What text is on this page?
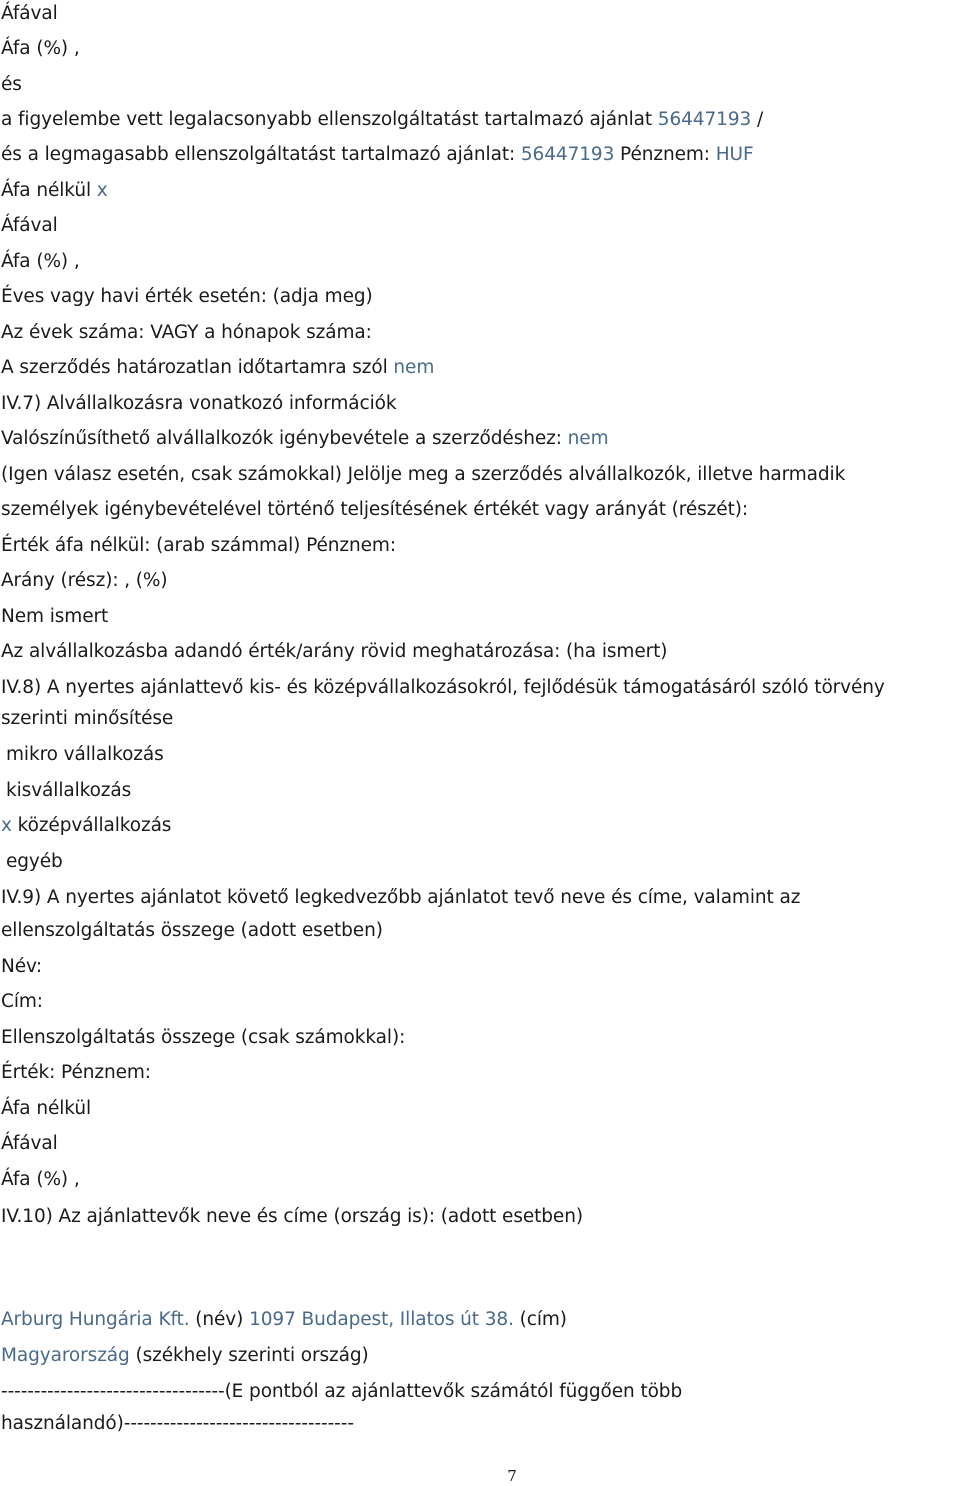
Áfával
Áfa (%) ,
és
a figyelembe vett legalacsonyabb ellenszolgáltatást tartalmazó ajánlat 56447193 /
és a legmagasabb ellenszolgáltatást tartalmazó ajánlat: 56447193 Pénznem: HUF
Áfa nélkül x
Áfával
Áfa (%) ,
Éves vagy havi érték esetén: (adja meg)
Az évek száma: VAGY a hónapok száma:
A szerződés határozatlan időtartamra szól nem
IV.7) Alvállalkozásra vonatkozó információk
Valószínűsíthető alvállalkozók igénybevétele a szerződéshez: nem
(Igen válasz esetén, csak számokkal) Jelölje meg a szerződés alvállalkozók, illetve harmadik
személyek igénybevételével történő teljesítésének értékét vagy arányát (részét):
Érték áfa nélkül: (arab számmal) Pénznem:
Arány (rész): , (%)
Nem ismert
Az alvállalkozásba adandó érték/arány rövid meghatározása: (ha ismert)
IV.8) A nyertes ajánlattevő kis- és középvállalkozásokról, fejlődésük támogatásáról szóló törvény
szerinti minősítése
mikro vállalkozás
kisvállalkozás
x középvállalkozás
egyéb
IV.9) A nyertes ajánlatot követő legkedvezőbb ajánlatot tevő neve és címe, valamint az
ellenszolgáltatás összege (adott esetben)
Név:
Cím:
Ellenszolgáltatás összege (csak számokkal):
Érték: Pénznem:
Áfa nélkül
Áfával
Áfa (%) ,
IV.10) Az ajánlattevők neve és címe (ország is): (adott esetben)
Arburg Hungária Kft. (név) 1097 Budapest, Illatos út 38. (cím)
Magyarország (székhely szerinti ország)
----------------------------------(E pontból az ajánlattevők számától függően több
használandó)-----------------------------------
7
